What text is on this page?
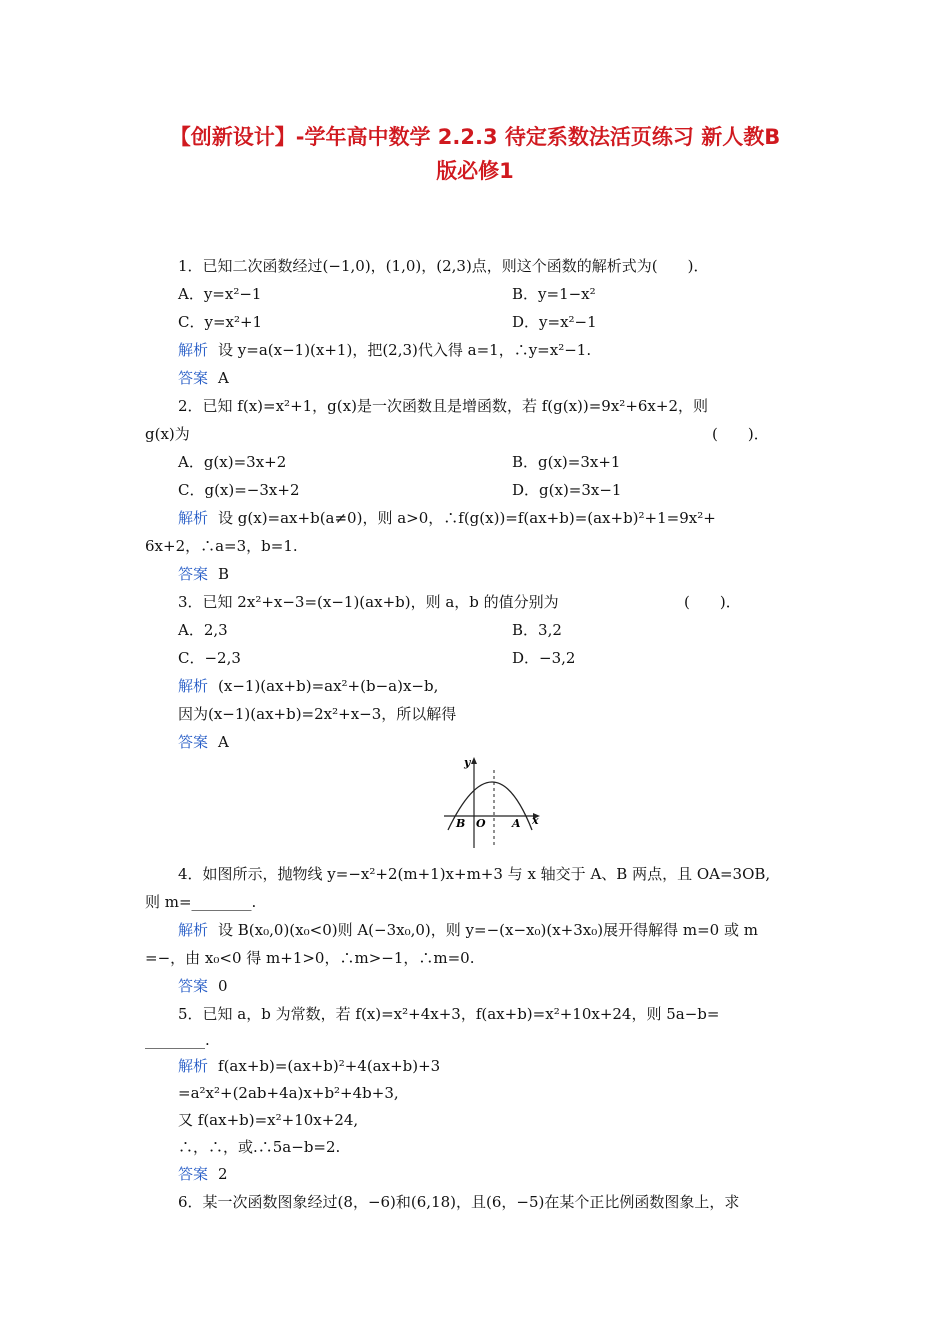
【创新设计】-学年高中数学 2.2.3 待定系数法活页练习 新人教B
版必修1
1．已知二次函数经过(−1,0)，(1,0)，(2,3)点，则这个函数的解析式为(　　)．
A．y=x²−1	B．y=1−x²
C．y=x²+1	D．y=x²−1
解析 设 y=a(x−1)(x+1)，把(2,3)代入得 a=1，∴y=x²−1.
答案 A
2．已知 f(x)=x²+1，g(x)是一次函数且是增函数，若 f(g(x))=9x²+6x+2，则
g(x)为	(　　)．
A．g(x)=3x+2	B．g(x)=3x+1
C．g(x)=−3x+2	D．g(x)=3x−1
解析 设 g(x)=ax+b(a≠0)，则 a>0，∴f(g(x))=f(ax+b)=(ax+b)²+1=9x²+
6x+2，∴a=3，b=1.
答案 B
3．已知 2x²+x−3=(x−1)(ax+b)，则 a，b 的值分别为	(　　)．
A．2,3	B．3,2
C．−2,3	D．−3,2
解析 (x−1)(ax+b)=ax²+(b−a)x−b,
因为(x−1)(ax+b)=2x²+x−3，所以解得
答案 A
y
x
B O A
4．如图所示，抛物线 y=−x²+2(m+1)x+m+3 与 x 轴交于 A、B 两点，且 OA=3OB,
则 m=________.
解析 设 B(x₀,0)(x₀<0)则 A(−3x₀,0)，则 y=−(x−x₀)(x+3x₀)展开得解得 m=0 或 m
=−，由 x₀<0 得 m+1>0，∴m>−1，∴m=0.
答案 0
5．已知 a，b 为常数，若 f(x)=x²+4x+3，f(ax+b)=x²+10x+24，则 5a−b=
________.
解析 f(ax+b)=(ax+b)²+4(ax+b)+3
=a²x²+(2ab+4a)x+b²+4b+3,
又 f(ax+b)=x²+10x+24,
∴，∴，或.∴5a−b=2.
答案 2
6．某一次函数图象经过(8，−6)和(6,18)，且(6，−5)在某个正比例函数图象上，求
